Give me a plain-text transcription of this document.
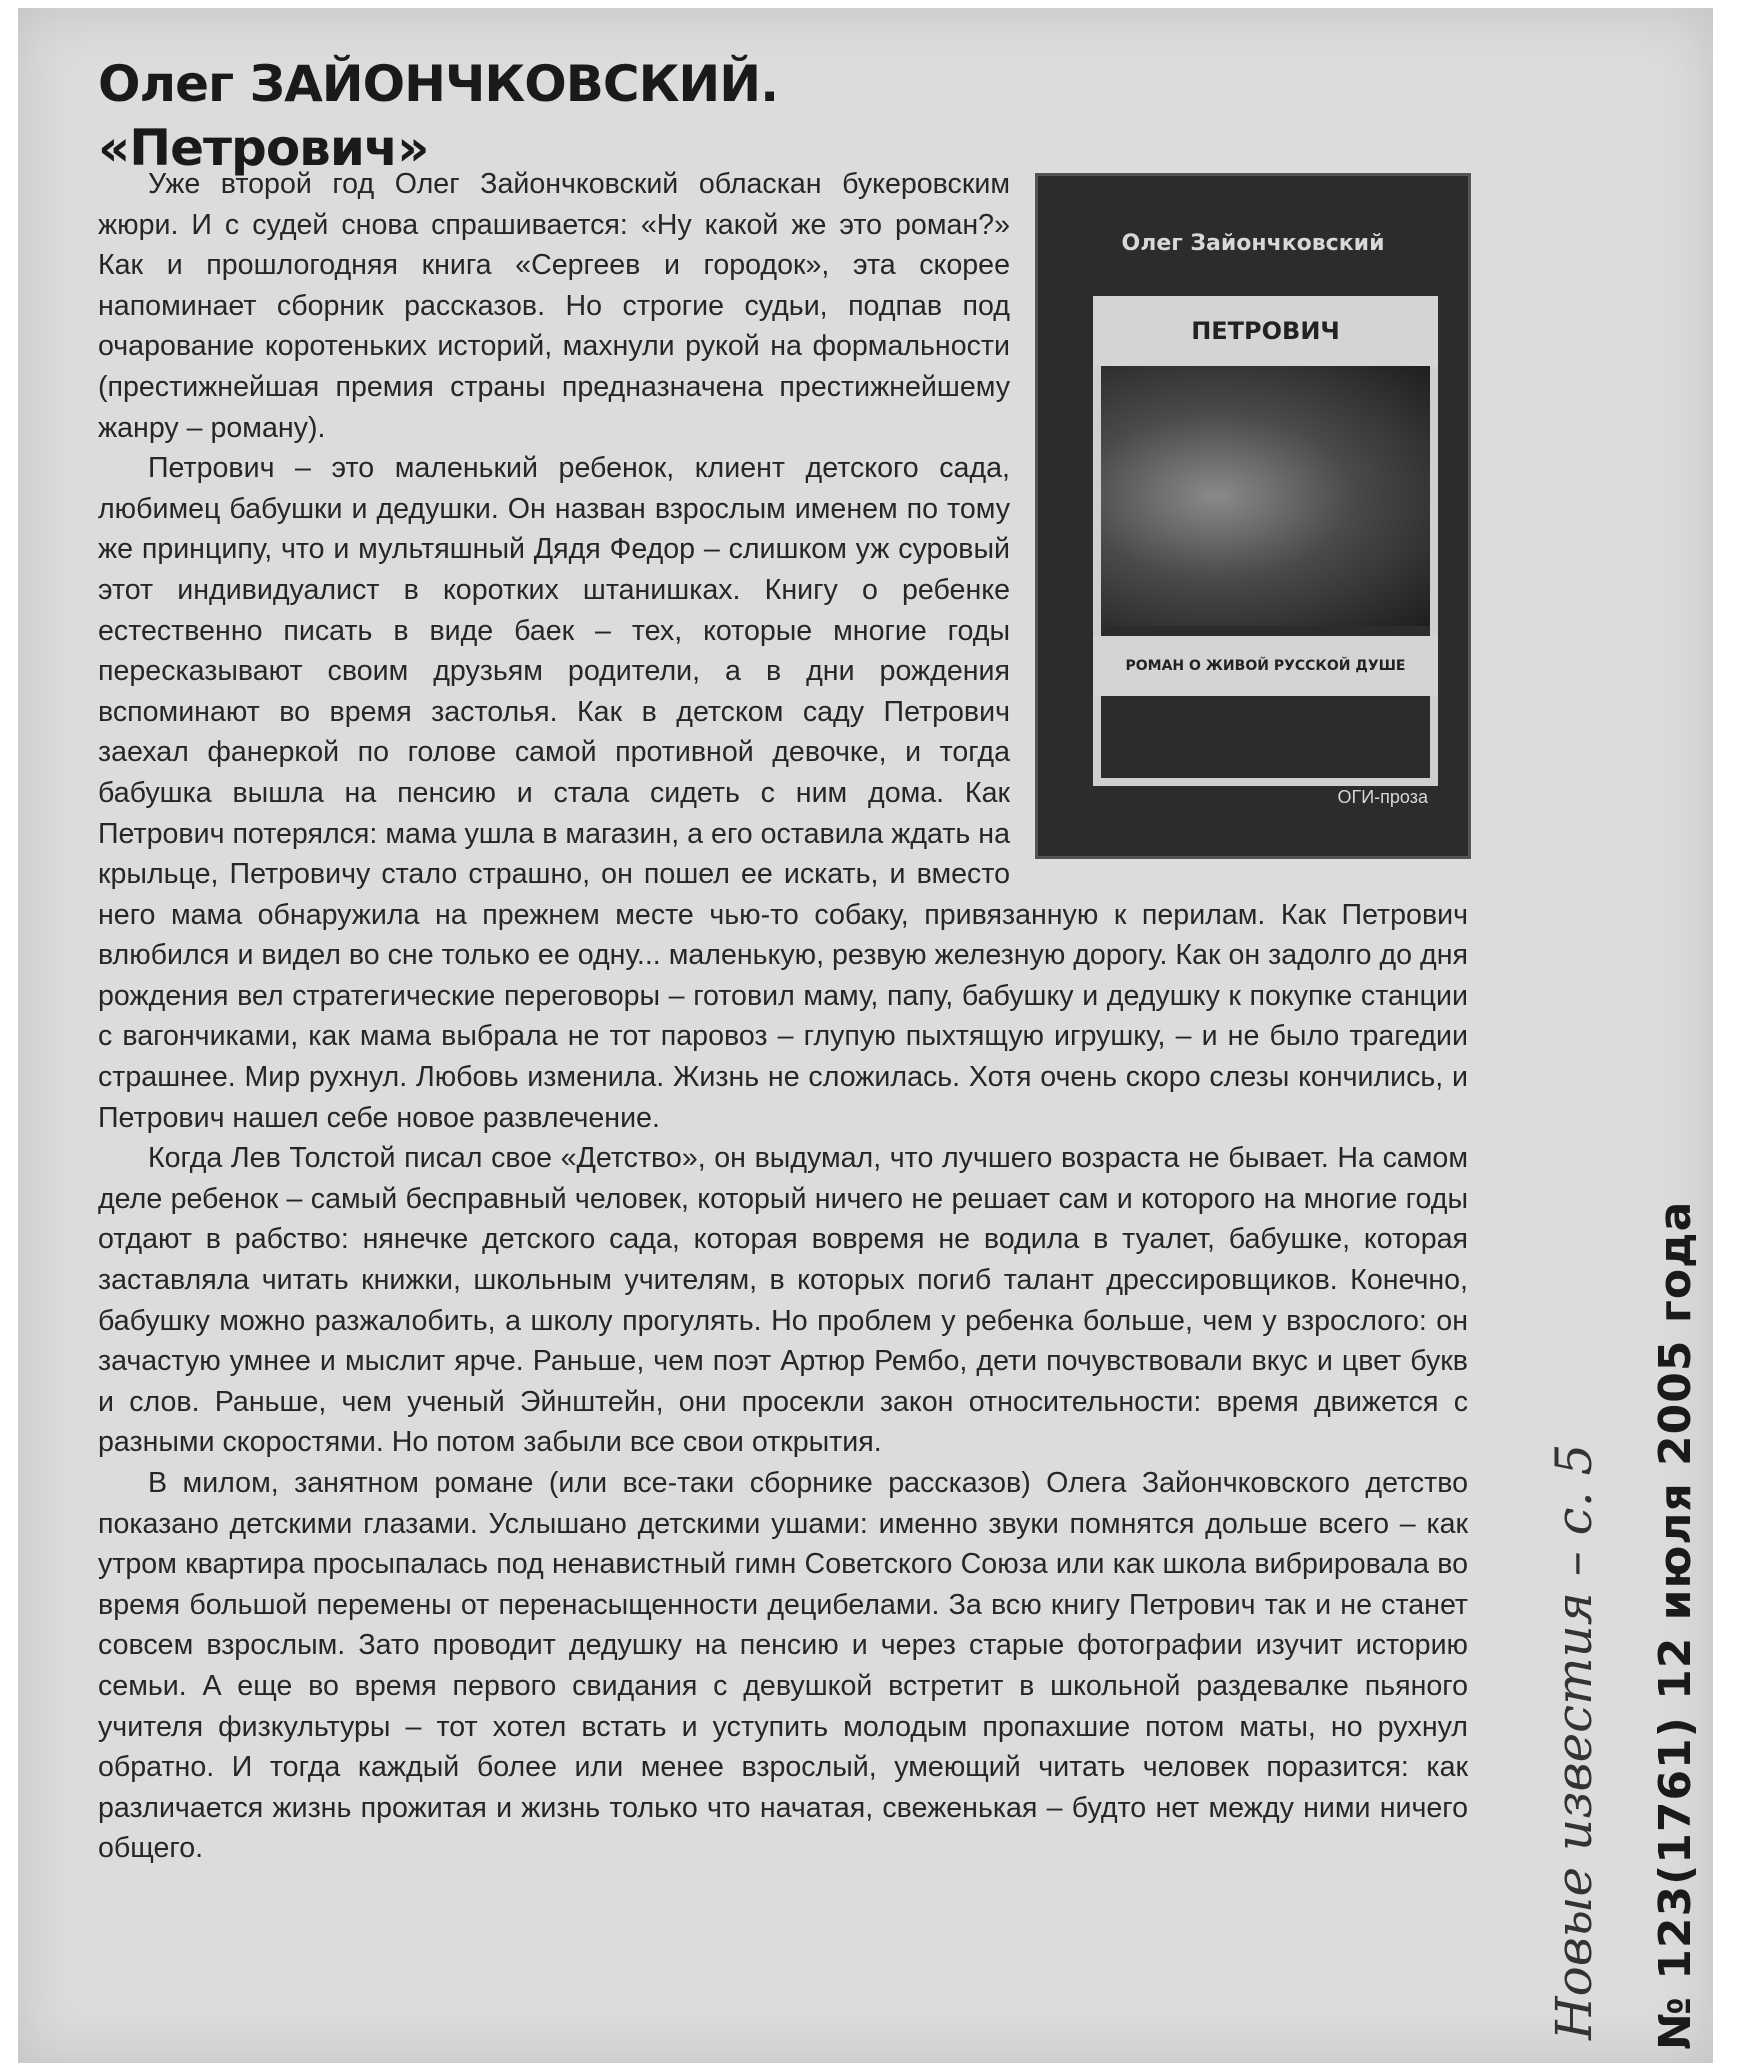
Олег ЗАЙОНЧКОВСКИЙ.
«Петрович»
Олег Зайончковский
ПЕТРОВИЧ
РОМАН О ЖИВОЙ РУССКОЙ ДУШЕ
ОГИ-проза

Уже второй год Олег Зайончковский обласкан букеровским жюри. И с судей снова спрашивается: «Ну какой же это роман?» Как и прошлогодняя книга «Сергеев и городок», эта скорее напоминает сборник рассказов. Но строгие судьи, подпав под очарование коротеньких историй, махнули рукой на формальности (престижнейшая премия страны предназначена престижнейшему жанру – роману).

Петрович – это маленький ребенок, клиент детского сада, любимец бабушки и дедушки. Он назван взрослым именем по тому же принципу, что и мультяшный Дядя Федор – слишком уж суровый этот индивидуалист в коротких штанишках. Книгу о ребенке естественно писать в виде баек – тех, которые многие годы пересказывают своим друзьям родители, а в дни рождения вспоминают во время застолья. Как в детском саду Петрович заехал фанеркой по голове самой противной девочке, и тогда бабушка вышла на пенсию и стала сидеть с ним дома. Как Петрович потерялся: мама ушла в магазин, а его оставила ждать на крыльце, Петровичу стало страшно, он пошел ее искать, и вместо него мама обнаружила на прежнем месте чью-то собаку, привязанную к перилам. Как Петрович влюбился и видел во сне только ее одну... маленькую, резвую железную дорогу. Как он задолго до дня рождения вел стратегические переговоры – готовил маму, папу, бабушку и дедушку к покупке станции с вагончиками, как мама выбрала не тот паровоз – глупую пыхтящую игрушку, – и не было трагедии страшнее. Мир рухнул. Любовь изменила. Жизнь не сложилась. Хотя очень скоро слезы кончились, и Петрович нашел себе новое развлечение.

Когда Лев Толстой писал свое «Детство», он выдумал, что лучшего возраста не бывает. На самом деле ребенок – самый бесправный человек, который ничего не решает сам и которого на многие годы отдают в рабство: нянечке детского сада, которая вовремя не водила в туалет, бабушке, которая заставляла читать книжки, школьным учителям, в которых погиб талант дрессировщиков. Конечно, бабушку можно разжалобить, а школу прогулять. Но проблем у ребенка больше, чем у взрослого: он зачастую умнее и мыслит ярче. Раньше, чем поэт Артюр Рембо, дети почувствовали вкус и цвет букв и слов. Раньше, чем ученый Эйнштейн, они просекли закон относительности: время движется с разными скоростями. Но потом забыли все свои открытия.

В милом, занятном романе (или все-таки сборнике рассказов) Олега Зайончковского детство показано детскими глазами. Услышано детскими ушами: именно звуки помнятся дольше всего – как утром квартира просыпалась под ненавистный гимн Советского Союза или как школа вибрировала во время большой перемены от перенасыщенности децибелами. За всю книгу Петрович так и не станет совсем взрослым. Зато проводит дедушку на пенсию и через старые фотографии изучит историю семьи. А еще во время первого свидания с девушкой встретит в школьной раздевалке пьяного учителя физкультуры – тот хотел встать и уступить молодым пропахшие потом маты, но рухнул обратно. И тогда каждый более или менее взрослый, умеющий читать человек поразится: как различается жизнь прожитая и жизнь только что начатая, свеженькая – будто нет между ними ничего общего.	№ 123(1761) 12 июля 2005 года
Новые известия – с. 5
